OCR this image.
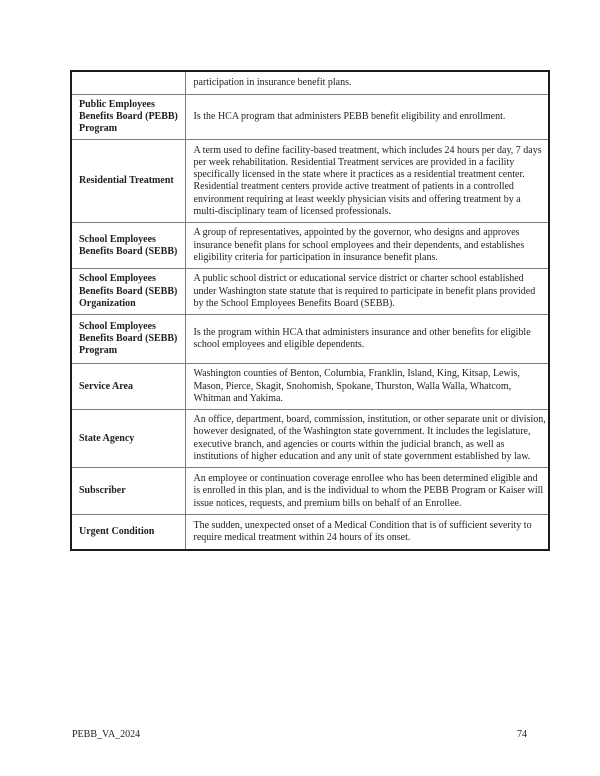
	participation in insurance benefit plans.
Public Employees Benefits Board (PEBB) Program	Is the HCA program that administers PEBB benefit eligibility and enrollment.
Residential Treatment	A term used to define facility-based treatment, which includes 24 hours per day, 7 days per week rehabilitation. Residential Treatment services are provided in a facility specifically licensed in the state where it practices as a residential treatment center. Residential treatment centers provide active treatment of patients in a controlled environment requiring at least weekly physician visits and offering treatment by a multi-disciplinary team of licensed professionals.
School Employees Benefits Board (SEBB)	A group of representatives, appointed by the governor, who designs and approves insurance benefit plans for school employees and their dependents, and establishes eligibility criteria for participation in insurance benefit plans.
School Employees Benefits Board (SEBB) Organization	A public school district or educational service district or charter school established under Washington state statute that is required to participate in benefit plans provided by the School Employees Benefits Board (SEBB).
School Employees Benefits Board (SEBB) Program	Is the program within HCA that administers insurance and other benefits for eligible school employees and eligible dependents.
Service Area	Washington counties of Benton, Columbia, Franklin, Island, King, Kitsap, Lewis, Mason, Pierce, Skagit, Snohomish, Spokane, Thurston, Walla Walla, Whatcom, Whitman and Yakima.
State Agency	An office, department, board, commission, institution, or other separate unit or division, however designated, of the Washington state government. It includes the legislature, executive branch, and agencies or courts within the judicial branch, as well as institutions of higher education and any unit of state government established by law.
Subscriber	An employee or continuation coverage enrollee who has been determined eligible and is enrolled in this plan, and is the individual to whom the PEBB Program or Kaiser will issue notices, requests, and premium bills on behalf of an Enrollee.
Urgent Condition	The sudden, unexpected onset of a Medical Condition that is of sufficient severity to require medical treatment within 24 hours of its onset.
PEBB_VA_2024	74
